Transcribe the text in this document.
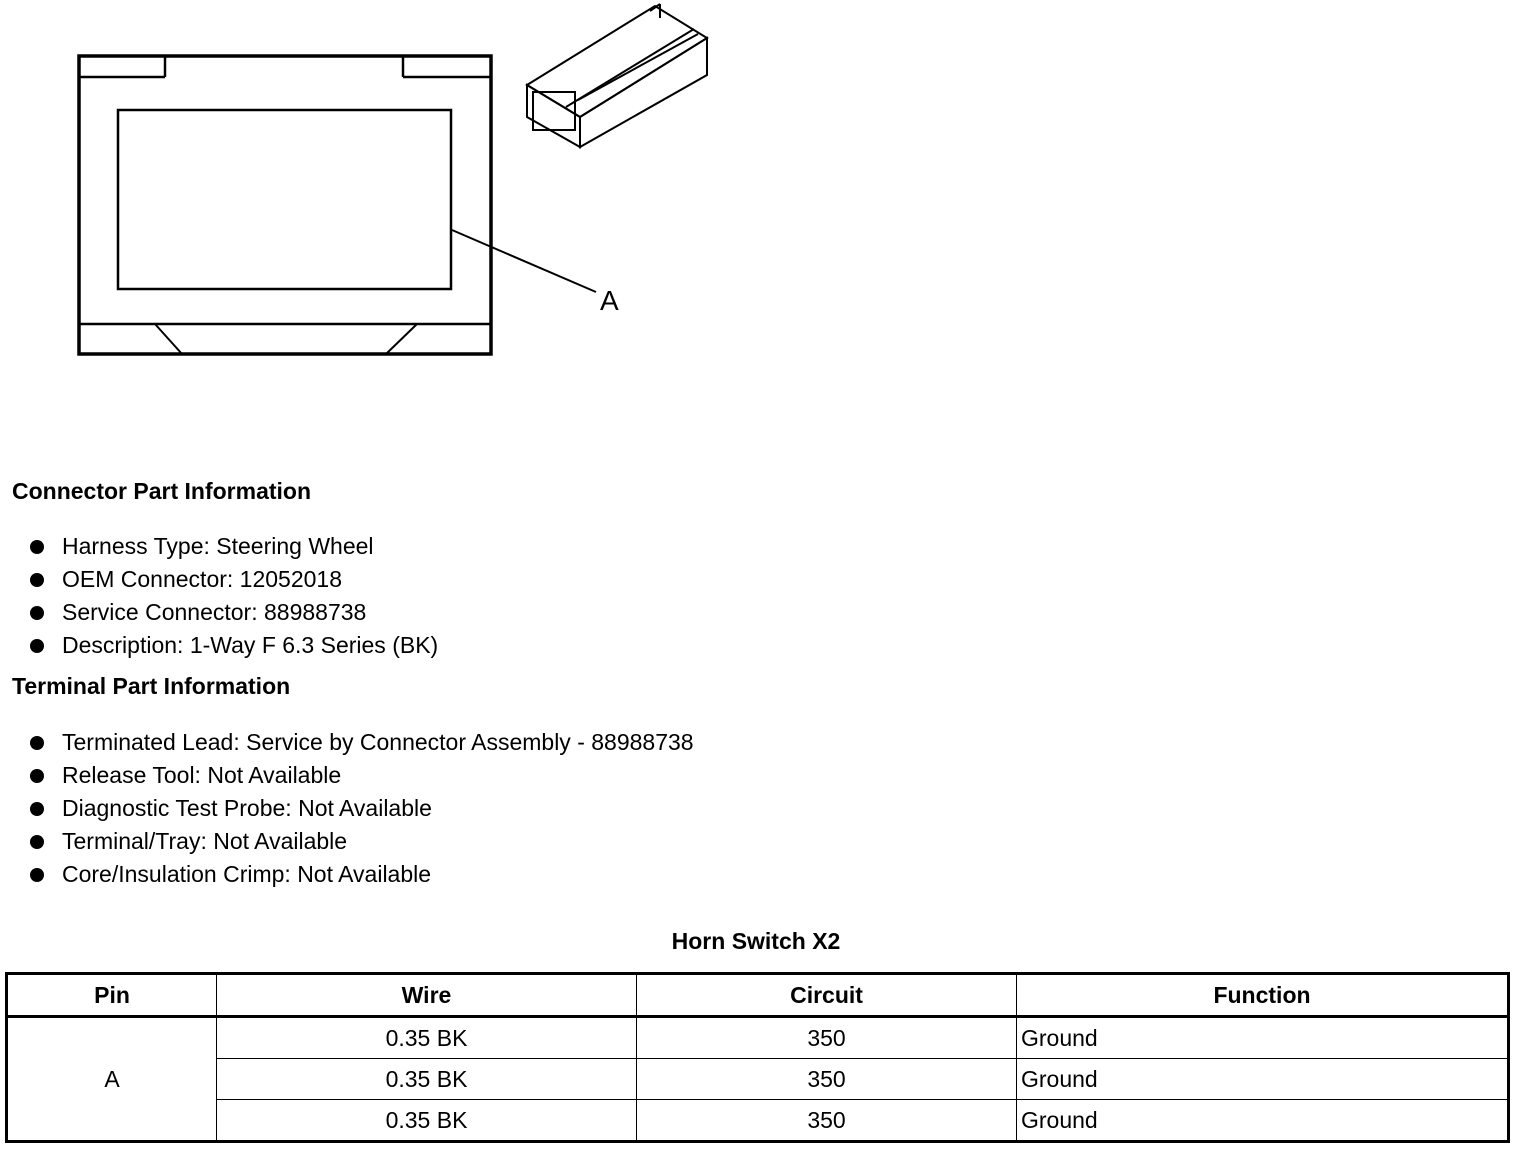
A
Connector Part Information
Harness Type: Steering Wheel
OEM Connector: 12052018
Service Connector: 88988738
Description: 1-Way F 6.3 Series (BK)
Terminal Part Information
Terminated Lead: Service by Connector Assembly - 88988738
Release Tool: Not Available
Diagnostic Test Probe: Not Available
Terminal/Tray: Not Available
Core/Insulation Crimp: Not Available
Horn Switch X2
Pin	Wire	Circuit	Function
A	0.35 BK	350	Ground
	0.35 BK	350	Ground
	0.35 BK	350	Ground
